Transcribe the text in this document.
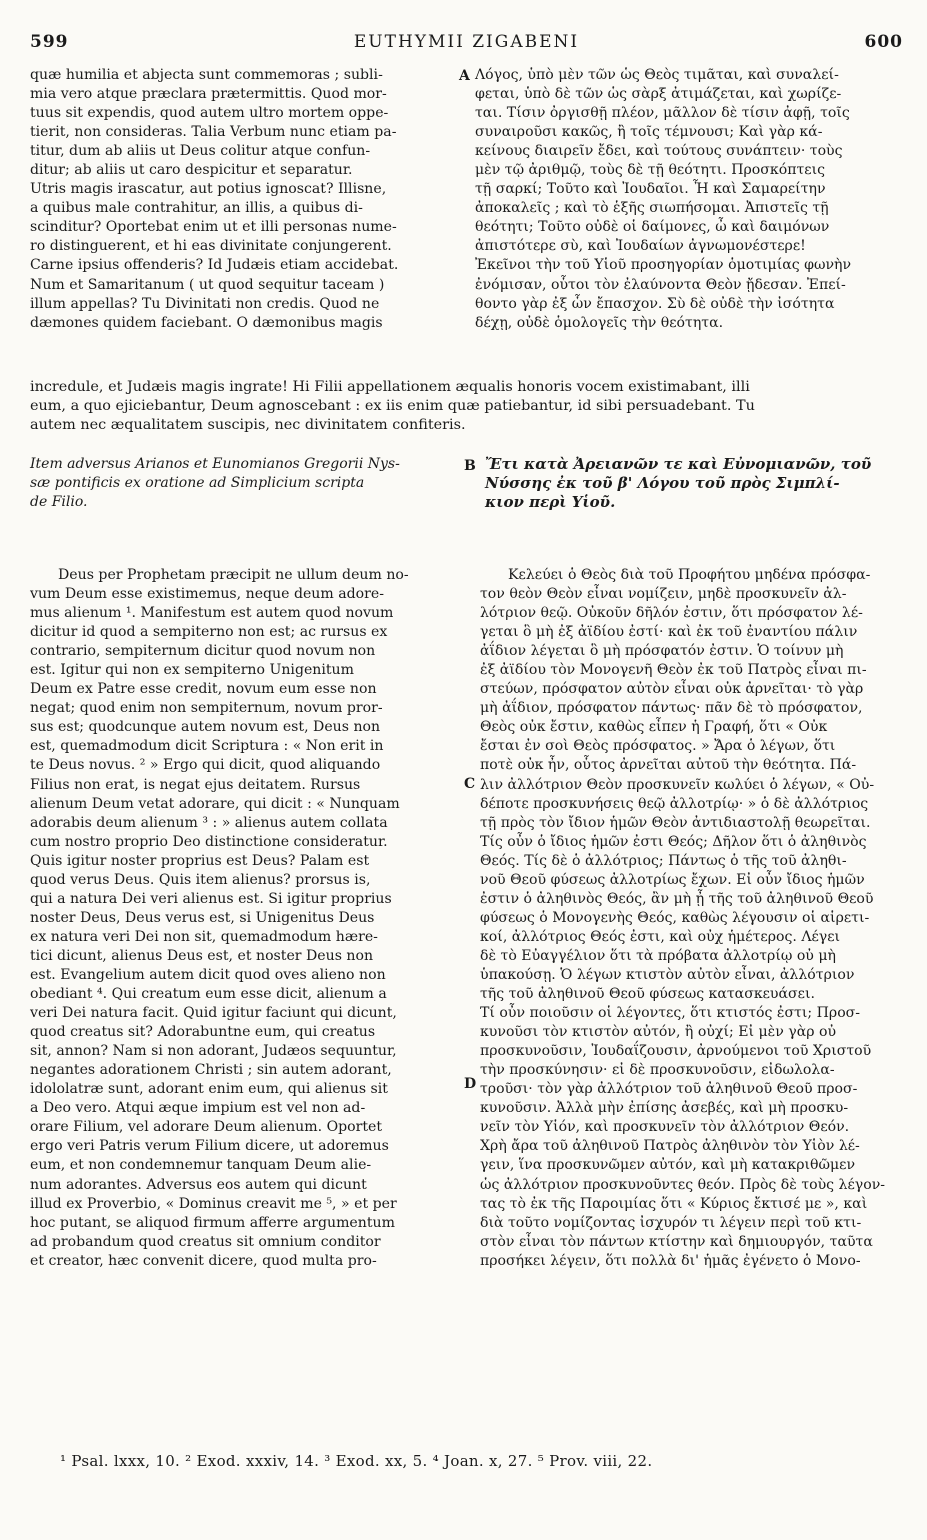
599	EUTHYMII ZIGABENI	600

quæ humilia et abjecta sunt commemoras ; subli-

mia vero atque præclara prætermittis. Quod mor-

tuus sit expendis, quod autem ultro mortem oppe-

tierit, non consideras. Talia Verbum nunc etiam pa-

titur, dum ab aliis ut Deus colitur atque confun-

ditur; ab aliis ut caro despicitur et separatur.

Utris magis irascatur, aut potius ignoscat? Illisne,

a quibus male contrahitur, an illis, a quibus di-

scinditur? Oportebat enim ut et illi personas nume-

ro distinguerent, et hi eas divinitate conjungerent.

Carne ipsius offenderis? Id Judæis etiam accidebat.

Num et Samaritanum ( ut quod sequitur taceam )

illum appellas? Tu Divinitati non credis. Quod ne

dæmones quidem faciebant. O dæmonibus magis

A Λόγος, ὑπὸ μὲν τῶν ὡς Θεὸς τιμᾶται, καὶ συναλεί-

φεται, ὑπὸ δὲ τῶν ὡς σὰρξ ἀτιμάζεται, καὶ χωρίζε-

ται. Τίσιν ὀργισθῇ πλέον, μᾶλλον δὲ τίσιν ἀφῇ, τοῖς

συναιροῦσι κακῶς, ἢ τοῖς τέμνουσι; Καὶ γὰρ κά-

κείνους διαιρεῖν ἔδει, καὶ τούτους συνάπτειν· τοὺς

μὲν τῷ ἀριθμῷ, τοὺς δὲ τῇ θεότητι. Προσκόπτεις

τῇ σαρκί; Τοῦτο καὶ Ἰουδαῖοι. Ἦ καὶ Σαμαρείτην

ἀποκαλεῖς ; καὶ τὸ ἑξῆς σιωπήσομαι. Ἀπιστεῖς τῇ

θεότητι; Τοῦτο οὐδὲ οἱ δαίμονες, ὦ καὶ δαιμόνων

ἀπιστότερε σὺ, καὶ Ἰουδαίων ἀγνωμονέστερε!

Ἐκεῖνοι τὴν τοῦ Υἱοῦ προσηγορίαν ὁμοτιμίας φωνὴν

ἐνόμισαν, οὗτοι τὸν ἐλαύνοντα Θεὸν ᾔδεσαν. Ἐπεί-

θοντο γὰρ ἐξ ὧν ἔπασχον. Σὺ δὲ οὐδὲ τὴν ἰσότητα

δέχῃ, οὐδὲ ὁμολογεῖς τὴν θεότητα.

incredule, et Judæis magis ingrate! Hi Filii appellationem æqualis honoris vocem existimabant, illi

eum, a quo ejiciebantur, Deum agnoscebant : ex iis enim quæ patiebantur, id sibi persuadebant. Tu

autem nec æqualitatem suscipis, nec divinitatem confiteris.

Item adversus Arianos et Eunomianos Gregorii Nys-

sæ pontificis ex oratione ad Simplicium scripta

de Filio.

B Ἔτι κατὰ Ἀρειανῶν τε καὶ Εὐνομιανῶν, τοῦ

Νύσσης ἐκ τοῦ β' Λόγου τοῦ πρὸς Σιμπλί-

κιον περὶ Υἱοῦ.

Deus per Prophetam præcipit ne ullum deum no-

vum Deum esse existimemus, neque deum adore-

mus alienum ¹. Manifestum est autem quod novum

dicitur id quod a sempiterno non est; ac rursus ex

contrario, sempiternum dicitur quod novum non

est. Igitur qui non ex sempiterno Unigenitum

Deum ex Patre esse credit, novum eum esse non

negat; quod enim non sempiternum, novum pror-

sus est; quodcunque autem novum est, Deus non

est, quemadmodum dicit Scriptura : « Non erit in

te Deus novus. ² » Ergo qui dicit, quod aliquando

Filius non erat, is negat ejus deitatem. Rursus

alienum Deum vetat adorare, qui dicit : « Nunquam

adorabis deum alienum ³ : » alienus autem collata

cum nostro proprio Deo distinctione consideratur.

Quis igitur noster proprius est Deus? Palam est

quod verus Deus. Quis item alienus? prorsus is,

qui a natura Dei veri alienus est. Si igitur proprius

noster Deus, Deus verus est, si Unigenitus Deus

ex natura veri Dei non sit, quemadmodum hære-

tici dicunt, alienus Deus est, et noster Deus non

est. Evangelium autem dicit quod oves alieno non

obediant ⁴. Qui creatum eum esse dicit, alienum a

veri Dei natura facit. Quid igitur faciunt qui dicunt,

quod creatus sit? Adorabuntne eum, qui creatus

sit, annon? Nam si non adorant, Judæos sequuntur,

negantes adorationem Christi ; sin autem adorant,

idololatræ sunt, adorant enim eum, qui alienus sit

a Deo vero. Atqui æque impium est vel non ad-

orare Filium, vel adorare Deum alienum. Oportet

ergo veri Patris verum Filium dicere, ut adoremus

eum, et non condemnemur tanquam Deum alie-

num adorantes. Adversus eos autem qui dicunt

illud ex Proverbio, « Dominus creavit me ⁵, » et per

hoc putant, se aliquod firmum afferre argumentum

ad probandum quod creatus sit omnium conditor

et creator, hæc convenit dicere, quod multa pro-

C
D

Κελεύει ὁ Θεὸς διὰ τοῦ Προφήτου μηδένα πρόσφα-

τον θεὸν Θεὸν εἶναι νομίζειν, μηδὲ προσκυνεῖν ἀλ-

λότριον θεῷ. Οὐκοῦν δῆλόν ἐστιν, ὅτι πρόσφατον λέ-

γεται ὃ μὴ ἐξ ἀϊδίου ἐστί· καὶ ἐκ τοῦ ἐναντίου πάλιν

ἀΐδιον λέγεται ὃ μὴ πρόσφατόν ἐστιν. Ὁ τοίνυν μὴ

ἐξ ἀϊδίου τὸν Μονογενῆ Θεὸν ἐκ τοῦ Πατρὸς εἶναι πι-

στεύων, πρόσφατον αὐτὸν εἶναι οὐκ ἀρνεῖται· τὸ γὰρ

μὴ ἀΐδιον, πρόσφατον πάντως· πᾶν δὲ τὸ πρόσφατον,

Θεὸς οὐκ ἔστιν, καθὼς εἶπεν ἡ Γραφή, ὅτι « Οὐκ

ἔσται ἐν σοὶ Θεὸς πρόσφατος. » Ἄρα ὁ λέγων, ὅτι

ποτὲ οὐκ ἦν, οὗτος ἀρνεῖται αὐτοῦ τὴν θεότητα. Πά-

λιν ἀλλότριον Θεὸν προσκυνεῖν κωλύει ὁ λέγων, « Οὐ-

δέποτε προσκυνήσεις θεῷ ἀλλοτρίῳ· » ὁ δὲ ἀλλότριος

τῇ πρὸς τὸν ἴδιον ἡμῶν Θεὸν ἀντιδιαστολῇ θεωρεῖται.

Τίς οὖν ὁ ἴδιος ἡμῶν ἐστι Θεός; Δῆλον ὅτι ὁ ἀληθινὸς

Θεός. Τίς δὲ ὁ ἀλλότριος; Πάντως ὁ τῆς τοῦ ἀληθι-

νοῦ Θεοῦ φύσεως ἀλλοτρίως ἔχων. Εἰ οὖν ἴδιος ἡμῶν

ἐστιν ὁ ἀληθινὸς Θεός, ἂν μὴ ᾖ τῆς τοῦ ἀληθινοῦ Θεοῦ

φύσεως ὁ Μονογενὴς Θεός, καθὼς λέγουσιν οἱ αἱρετι-

κοί, ἀλλότριος Θεός ἐστι, καὶ οὐχ ἡμέτερος. Λέγει

δὲ τὸ Εὐαγγέλιον ὅτι τὰ πρόβατα ἀλλοτρίῳ οὐ μὴ

ὑπακούσῃ. Ὁ λέγων κτιστὸν αὐτὸν εἶναι, ἀλλότριον

τῆς τοῦ ἀληθινοῦ Θεοῦ φύσεως κατασκευάσει.

Τί οὖν ποιοῦσιν οἱ λέγοντες, ὅτι κτιστός ἐστι; Προσ-

κυνοῦσι τὸν κτιστὸν αὐτόν, ἢ οὐχί; Εἰ μὲν γὰρ οὐ

προσκυνοῦσιν, Ἰουδαΐζουσιν, ἀρνούμενοι τοῦ Χριστοῦ

τὴν προσκύνησιν· εἰ δὲ προσκυνοῦσιν, εἰδωλολα-

τροῦσι· τὸν γὰρ ἀλλότριον τοῦ ἀληθινοῦ Θεοῦ προσ-

κυνοῦσιν. Ἀλλὰ μὴν ἐπίσης ἀσεβές, καὶ μὴ προσκυ-

νεῖν τὸν Υἱόν, καὶ προσκυνεῖν τὸν ἀλλότριον Θεόν.

Χρὴ ἄρα τοῦ ἀληθινοῦ Πατρὸς ἀληθινὸν τὸν Υἱὸν λέ-

γειν, ἵνα προσκυνῶμεν αὐτόν, καὶ μὴ κατακριθῶμεν

ὡς ἀλλότριον προσκυνοῦντες θεόν. Πρὸς δὲ τοὺς λέγον-

τας τὸ ἐκ τῆς Παροιμίας ὅτι « Κύριος ἔκτισέ με », καὶ

διὰ τοῦτο νομίζοντας ἰσχυρόν τι λέγειν περὶ τοῦ κτι-

στὸν εἶναι τὸν πάντων κτίστην καὶ δημιουργόν, ταῦτα

προσήκει λέγειν, ὅτι πολλὰ δι' ἡμᾶς ἐγένετο ὁ Μονο-

¹ Psal. lxxx, 10. ² Exod. xxxiv, 14. ³ Exod. xx, 5. ⁴ Joan. x, 27. ⁵ Prov. viii, 22.
